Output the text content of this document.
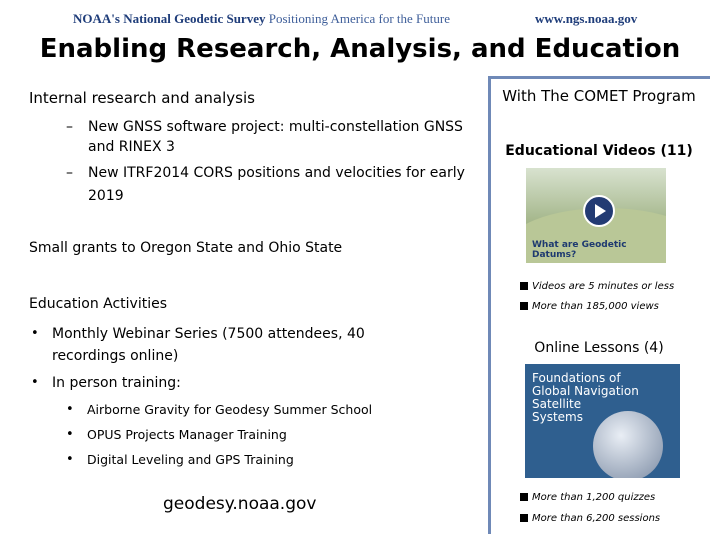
NOAA's National Geodetic Survey Positioning America for the Future	www.ngs.noaa.gov
Enabling Research, Analysis, and Education
Internal research and analysis
– New GNSS software project: multi-constellation GNSS
and RINEX 3
– New ITRF2014 CORS positions and velocities for early
2019
Small grants to Oregon State and Ohio State
Education Activities
• Monthly Webinar Series (7500 attendees, 40
recordings online)
• In person training:
• Airborne Gravity for Geodesy Summer School
• OPUS Projects Manager Training
• Digital Leveling and GPS Training
geodesy.noaa.gov
With The COMET Program
Educational Videos (11)
What are Geodetic Datums?
Videos are 5 minutes or less
More than 185,000 views
Online Lessons (4)
Foundations of
Global Navigation
Satellite
Systems
More than 1,200 quizzes
More than 6,200 sessions
